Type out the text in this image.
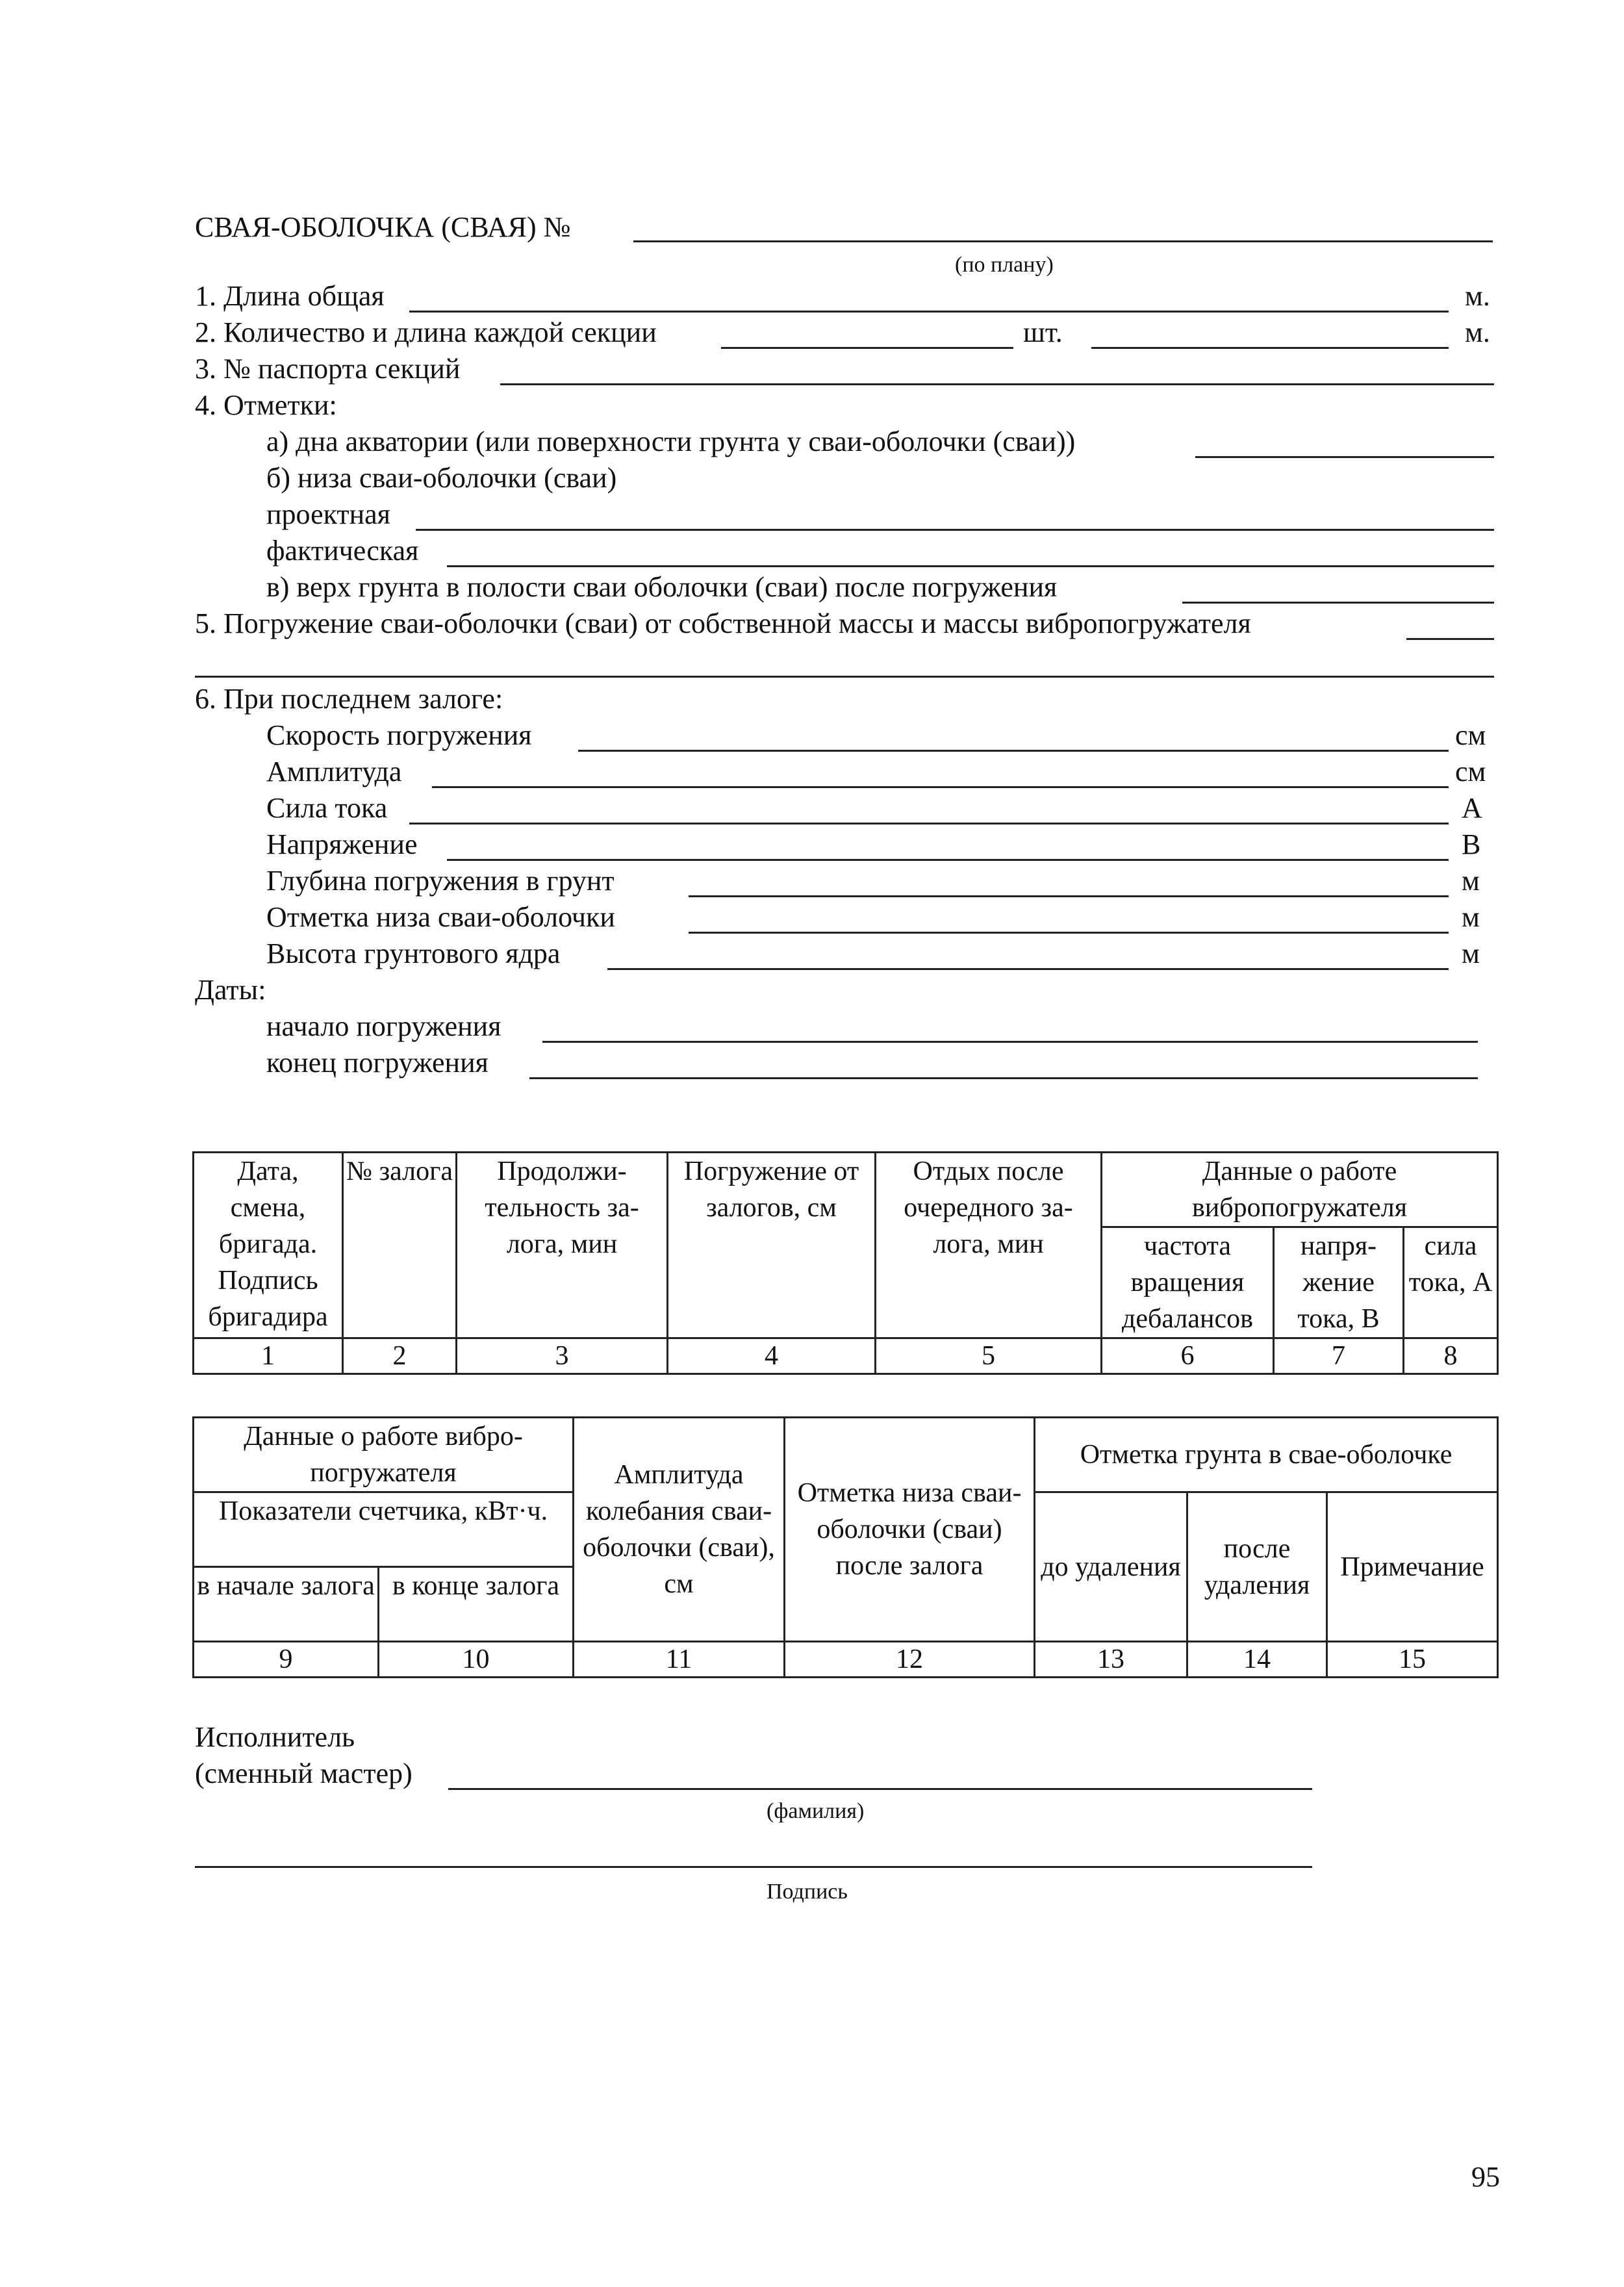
СВАЯ-ОБОЛОЧКА (СВАЯ) №
(по плану)
1. Длина общая	м.
2. Количество и длина каждой секции	шт.	м.
3. № паспорта секций
4. Отметки:
а) дна акватории (или поверхности грунта у сваи-оболочки (сваи))
б) низа сваи-оболочки (сваи)
проектная
фактическая
в) верх грунта в полости сваи оболочки (сваи) после погружения
5. Погружение сваи-оболочки (сваи) от собственной массы и массы вибропогружателя
6. При последнем залоге:
Скорость погружения	см
Амплитуда	см
Сила тока	А
Напряжение	В
Глубина погружения в грунт	м
Отметка низа сваи-оболочки	м
Высота грунтового ядра	м
Даты:
начало погружения
конец погружения
Дата, смена, бригада. Подпись бригадира	№ залога	Продолжи-тельность за-лога, мин	Погружение от залогов, см	Отдых после очередного за-лога, мин	Данные о работе вибропогружателя		
					частота вращения дебалансов	напря-жение тока, В	сила тока, А
1	2	3	4	5	6	7	8
Данные о работе вибро-погружателя		Амплитуда колебания сваи-оболочки (сваи), см	Отметка низа сваи-оболочки (сваи) после залога	Отметка грунта в свае-оболочке		
Показатели счетчика, кВт·ч.				до удаления	после удаления	Примечание
в начале залога	в конце залога					
9	10	11	12	13	14	15
Исполнитель
(сменный мастер)
(фамилия)
Подпись
95
